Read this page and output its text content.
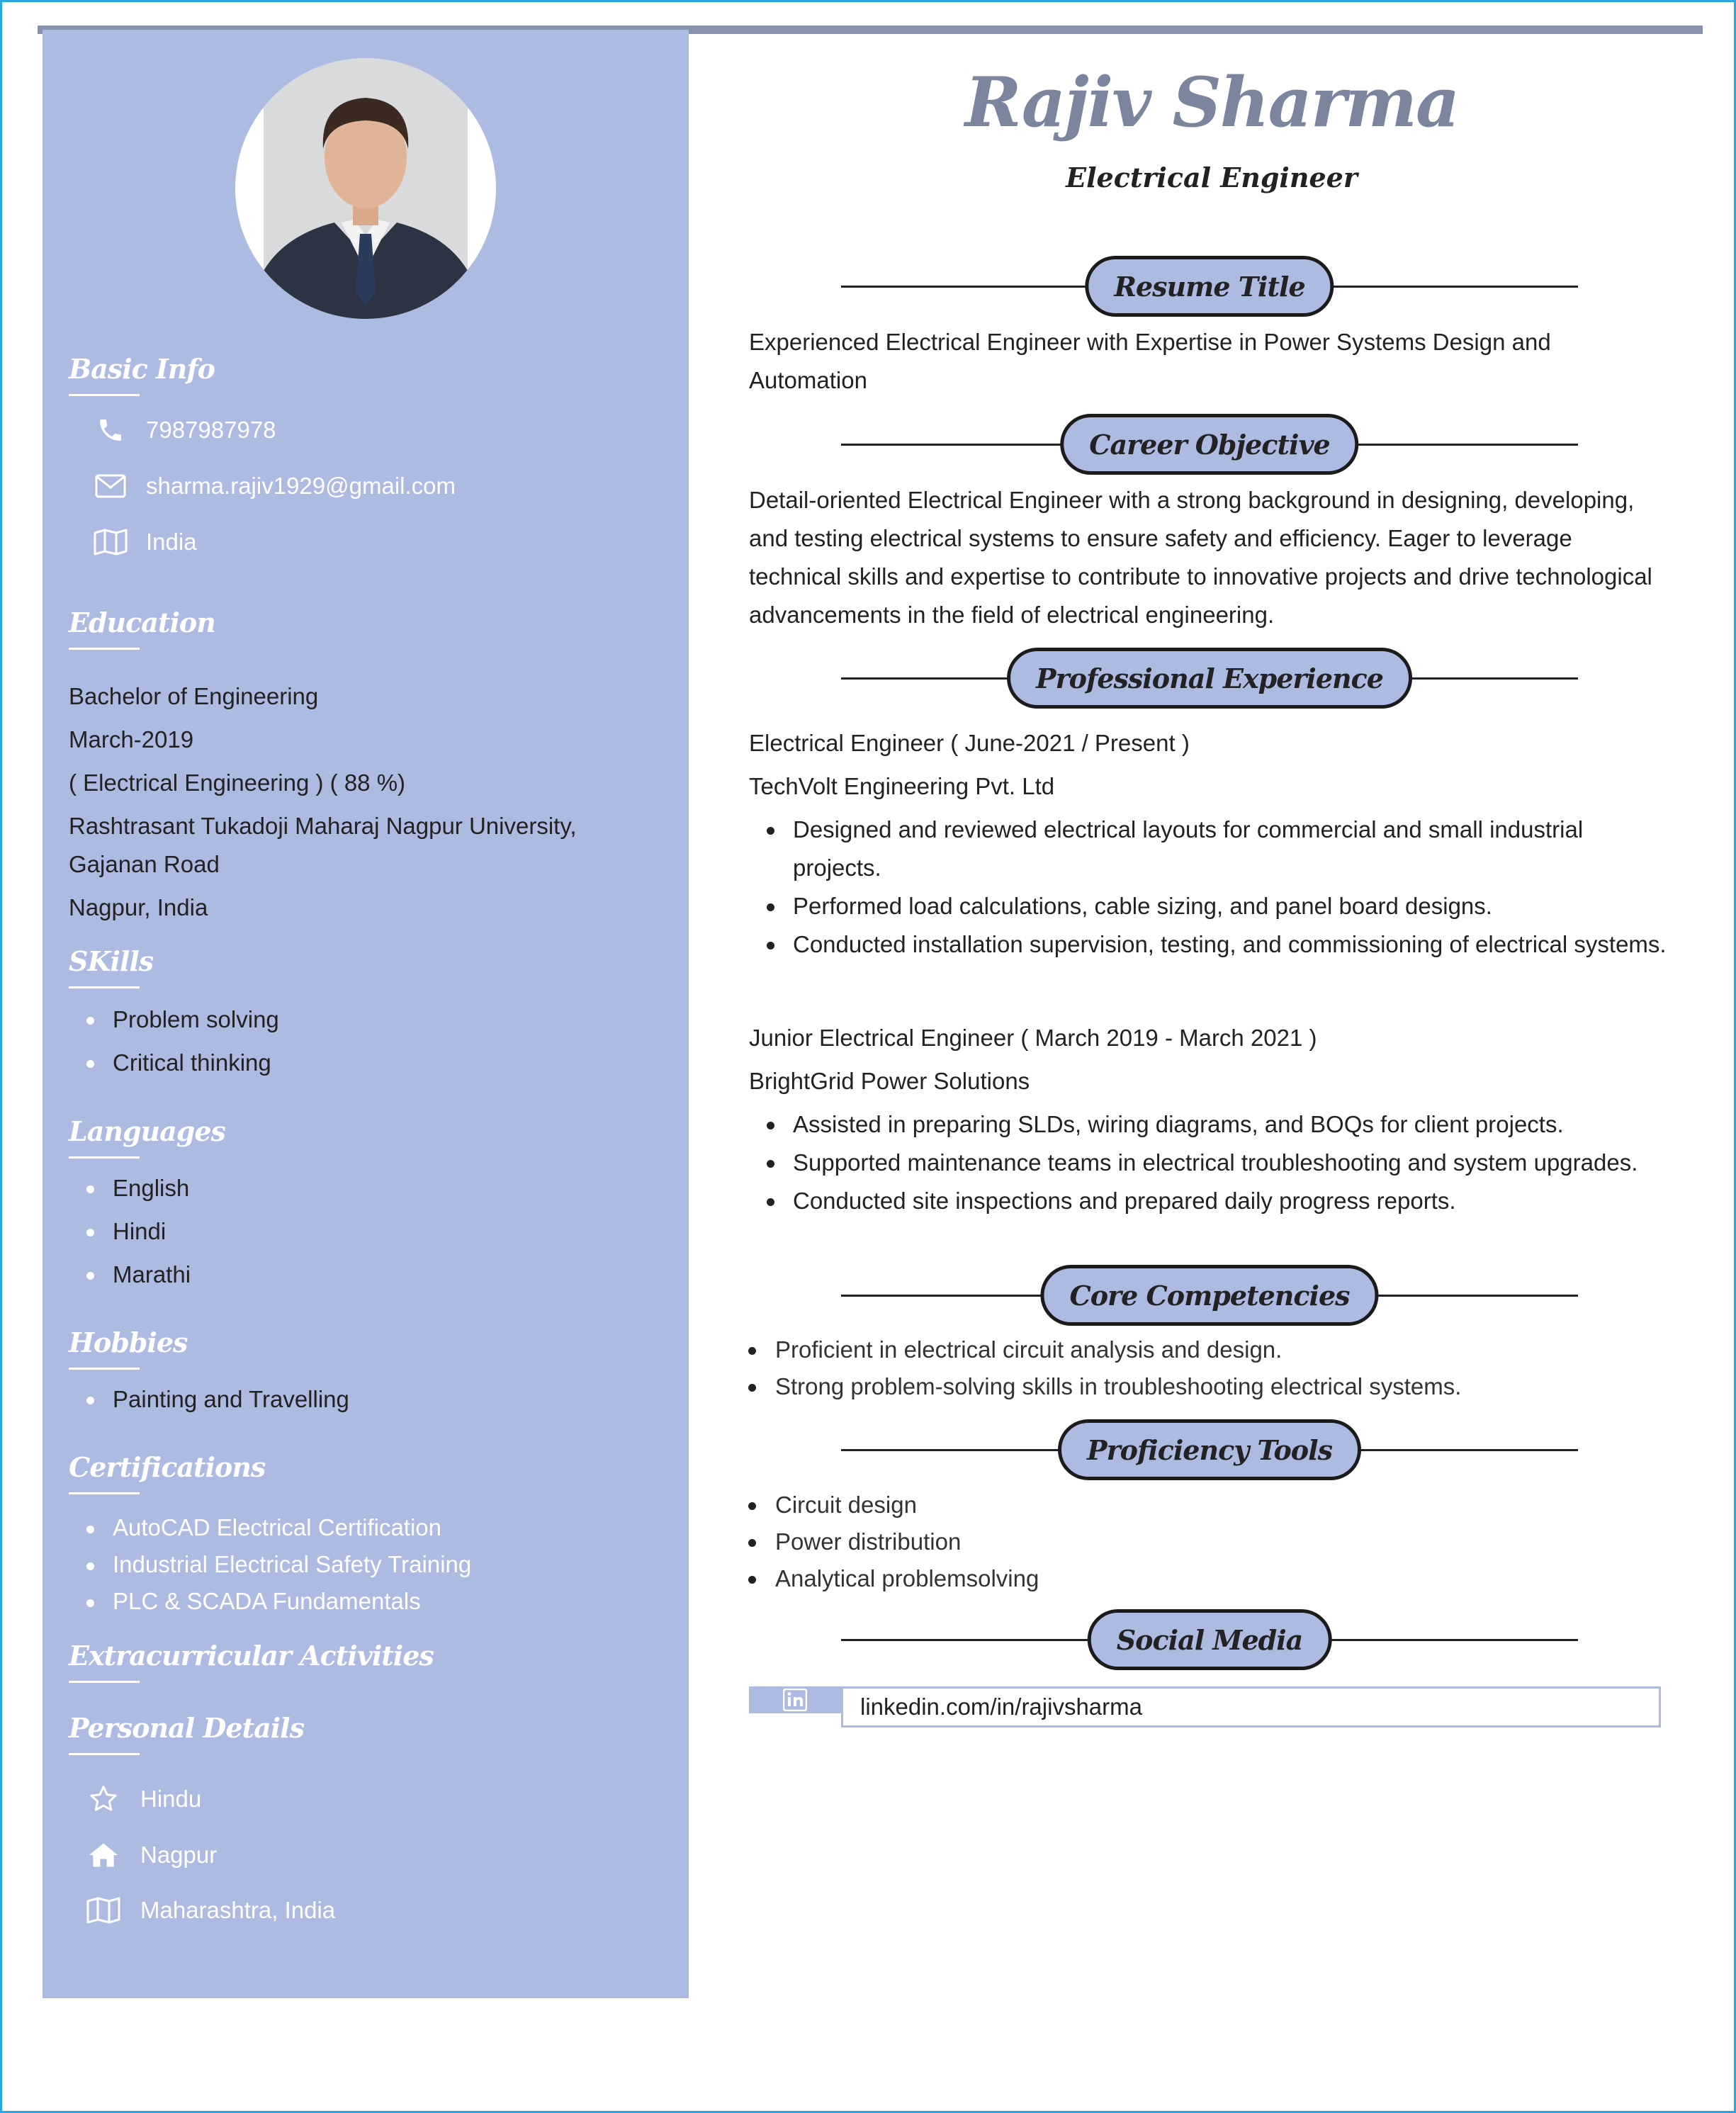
Basic Info
7987987978
sharma.rajiv1929@gmail.com
India
Education
Bachelor of Engineering
March-2019
( Electrical Engineering ) ( 88 %)
Rashtrasant Tukadoji Maharaj Nagpur University,
Gajanan Road
Nagpur, India
SKills
Problem solving
Critical thinking
Languages
English
Hindi
Marathi
Hobbies
Painting and Travelling
Certifications
AutoCAD Electrical Certification
Industrial Electrical Safety Training
PLC & SCADA Fundamentals
Extracurricular Activities
Personal Details
Hindu
Nagpur
Maharashtra, India
Rajiv Sharma
Electrical Engineer
Resume Title
Experienced Electrical Engineer with Expertise in Power Systems Design and Automation
Career Objective
Detail-oriented Electrical Engineer with a strong background in designing, developing, and testing electrical systems to ensure safety and efficiency. Eager to leverage technical skills and expertise to contribute to innovative projects and drive technological advancements in the field of electrical engineering.
Professional Experience
Electrical Engineer ( June-2021 / Present )
TechVolt Engineering Pvt. Ltd
Designed and reviewed electrical layouts for commercial and small industrial projects.
Performed load calculations, cable sizing, and panel board designs.
Conducted installation supervision, testing, and commissioning of electrical systems.
Junior Electrical Engineer ( March 2019 - March 2021 )
BrightGrid Power Solutions
Assisted in preparing SLDs, wiring diagrams, and BOQs for client projects.
Supported maintenance teams in electrical troubleshooting and system upgrades.
Conducted site inspections and prepared daily progress reports.
Core Competencies
Proficient in electrical circuit analysis and design.
Strong problem-solving skills in troubleshooting electrical systems.
Proficiency Tools
Circuit design
Power distribution
Analytical problemsolving
Social Media
linkedin.com/in/rajivsharma
